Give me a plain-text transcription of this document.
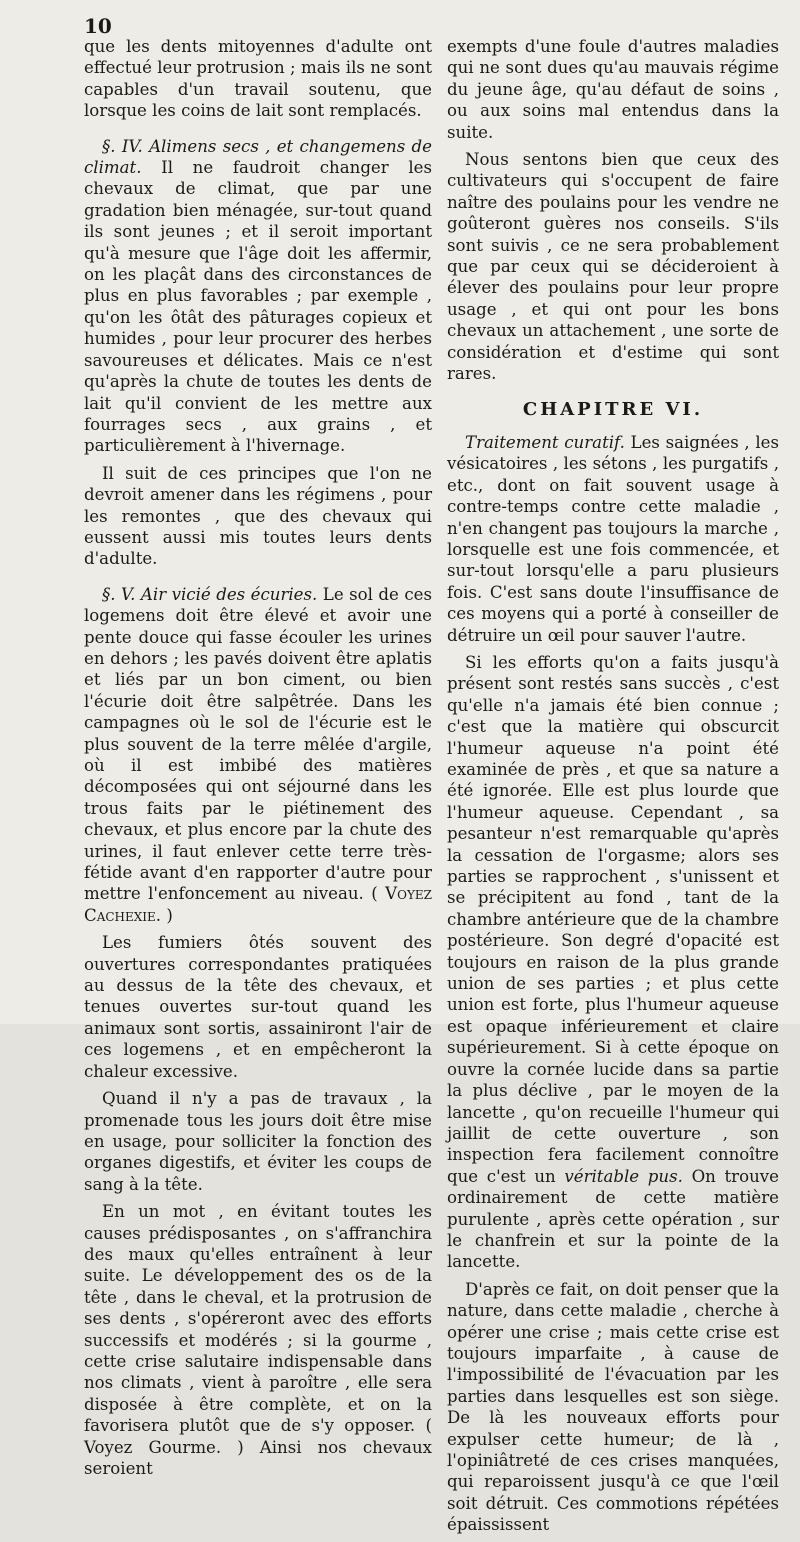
10

que les dents mitoyennes d'adulte ont effectué leur protrusion ; mais ils ne sont capables d'un travail soutenu, que lorsque les coins de lait sont remplacés.

§. IV. Alimens secs , et changemens de climat. Il ne faudroit changer les chevaux de climat, que par une gradation bien ménagée, sur-tout quand ils sont jeunes ; et il seroit important qu'à mesure que l'âge doit les affermir, on les plaçât dans des circonstances de plus en plus favorables ; par exemple , qu'on les ôtât des pâturages copieux et humides , pour leur procurer des herbes savoureuses et délicates. Mais ce n'est qu'après la chute de toutes les dents de lait qu'il convient de les mettre aux fourrages secs , aux grains , et particulièrement à l'hivernage.

Il suit de ces principes que l'on ne devroit amener dans les régimens , pour les remontes , que des chevaux qui eussent aussi mis toutes leurs dents d'adulte.

§. V. Air vicié des écuries. Le sol de ces logemens doit être élevé et avoir une pente douce qui fasse écouler les urines en dehors ; les pavés doivent être aplatis et liés par un bon ciment, ou bien l'écurie doit être salpêtrée. Dans les campagnes où le sol de l'écurie est le plus souvent de la terre mêlée d'argile, où il est imbibé des matières décomposées qui ont séjourné dans les trous faits par le piétinement des chevaux, et plus encore par la chute des urines, il faut enlever cette terre très-fétide avant d'en rapporter d'autre pour mettre l'enfoncement au niveau. ( Voyez Cachexie. )

Les fumiers ôtés souvent des ouvertures correspondantes pratiquées au dessus de la tête des chevaux, et tenues ouvertes sur-tout quand les animaux sont sortis, assainiront l'air de ces logemens , et en empêcheront la chaleur excessive.

Quand il n'y a pas de travaux , la promenade tous les jours doit être mise en usage, pour solliciter la fonction des organes digestifs, et éviter les coups de sang à la tête.

En un mot , en évitant toutes les causes prédisposantes , on s'affranchira des maux qu'elles entraînent à leur suite. Le développement des os de la tête , dans le cheval, et la protrusion de ses dents , s'opéreront avec des efforts successifs et modérés ; si la gourme , cette crise salutaire indispensable dans nos climats , vient à paroître , elle sera disposée à être complète, et on la favorisera plutôt que de s'y opposer. ( Voyez Gourme. ) Ainsi nos chevaux seroient

exempts d'une foule d'autres maladies qui ne sont dues qu'au mauvais régime du jeune âge, qu'au défaut de soins , ou aux soins mal entendus dans la suite.

Nous sentons bien que ceux des cultivateurs qui s'occupent de faire naître des poulains pour les vendre ne goûteront guères nos conseils. S'ils sont suivis , ce ne sera probablement que par ceux qui se décideroient à élever des poulains pour leur propre usage , et qui ont pour les bons chevaux un attachement , une sorte de considération et d'estime qui sont rares.

CHAPITRE VI.

Traitement curatif. Les saignées , les vésicatoires , les sétons , les purgatifs , etc., dont on fait souvent usage à contre-temps contre cette maladie , n'en changent pas toujours la marche , lorsquelle est une fois commencée, et sur-tout lorsqu'elle a paru plusieurs fois. C'est sans doute l'insuffisance de ces moyens qui a porté à conseiller de détruire un œil pour sauver l'autre.

Si les efforts qu'on a faits jusqu'à présent sont restés sans succès , c'est qu'elle n'a jamais été bien connue ; c'est que la matière qui obscurcit l'humeur aqueuse n'a point été examinée de près , et que sa nature a été ignorée. Elle est plus lourde que l'humeur aqueuse. Cependant , sa pesanteur n'est remarquable qu'après la cessation de l'orgasme; alors ses parties se rapprochent , s'unissent et se précipitent au fond , tant de la chambre antérieure que de la chambre postérieure. Son degré d'opacité est toujours en raison de la plus grande union de ses parties ; et plus cette union est forte, plus l'humeur aqueuse est opaque inférieurement et claire supérieurement. Si à cette époque on ouvre la cornée lucide dans sa partie la plus déclive , par le moyen de la lancette , qu'on recueille l'humeur qui jaillit de cette ouverture , son inspection fera facilement connoître que c'est un véritable pus. On trouve ordinairement de cette matière purulente , après cette opération , sur le chanfrein et sur la pointe de la lancette.

D'après ce fait, on doit penser que la nature, dans cette maladie , cherche à opérer une crise ; mais cette crise est toujours imparfaite , à cause de l'impossibilité de l'évacuation par les parties dans lesquelles est son siège. De là les nouveaux efforts pour expulser cette humeur; de là , l'opiniâtreté de ces crises manquées, qui reparoissent jusqu'à ce que l'œil soit détruit. Ces commotions répétées épaississent
